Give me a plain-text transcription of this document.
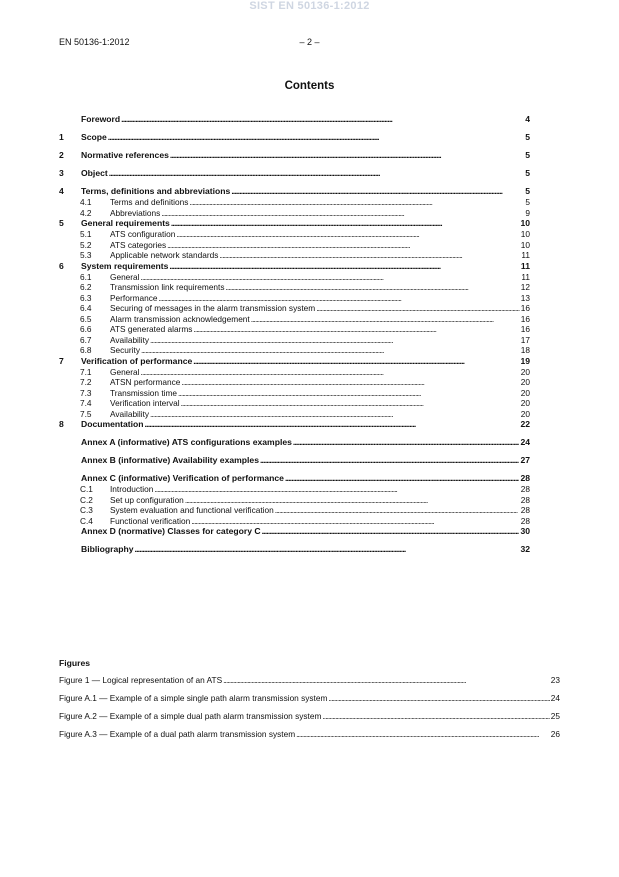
SIST EN 50136-1:2012
EN 50136-1:2012	– 2 –
Contents
Foreword . . .	4
1 Scope . . .	5
2 Normative references . . .	5
3 Object . . .	5
4 Terms, definitions and abbreviations . . .	5
4.1 Terms and definitions . . .	5
4.2 Abbreviations . . .	9
5 General requirements . . .	10
5.1 ATS configuration . . .	10
5.2 ATS categories . . .	10
5.3 Applicable network standards . . .	11
6 System requirements . . .	11
6.1 General . . .	11
6.2 Transmission link requirements . . .	12
6.3 Performance . . .	13
6.4 Securing of messages in the alarm transmission system . . .	16
6.5 Alarm transmission acknowledgement . . .	16
6.6 ATS generated alarms . . .	16
6.7 Availability . . .	17
6.8 Security . . .	18
7 Verification of performance . . .	19
7.1 General . . .	20
7.2 ATSN performance . . .	20
7.3 Transmission time . . .	20
7.4 Verification interval . . .	20
7.5 Availability . . .	20
8 Documentation . . .	22
Annex A (informative) ATS configurations examples . . .	24
Annex B (informative) Availability examples . . .	27
Annex C (informative) Verification of performance . . .	28
C.1 Introduction . . .	28
C.2 Set up configuration . . .	28
C.3 System evaluation and functional verification . . .	28
C.4 Functional verification . . .	28
Annex D (normative) Classes for category C . . .	30
Bibliography . . .	32
Figures
Figure 1 — Logical representation of an ATS . . .	23
Figure A.1 — Example of a simple single path alarm transmission system . . .	24
Figure A.2 — Example of a simple dual path alarm transmission system . . .	25
Figure A.3 — Example of a dual path alarm transmission system . . .	26
